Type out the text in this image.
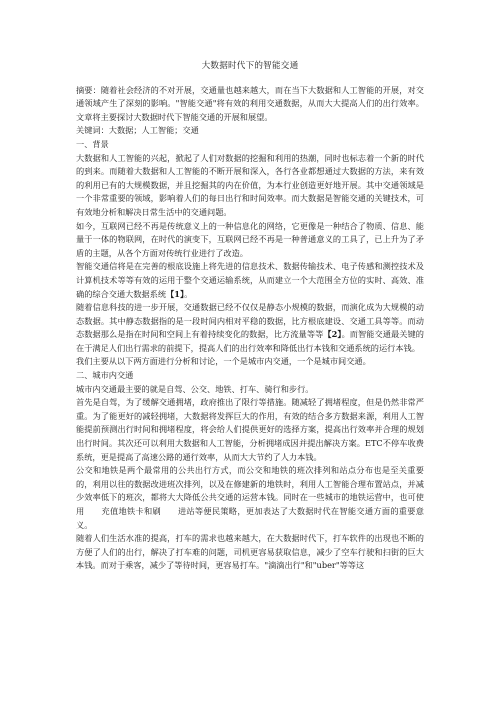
大数据时代下的智能交通

摘要：随着社会经济的不对开展，交通量也越来越大，而在当下大数据和人工智能的开展，对交通领域产生了深刻的影响。"智能交通"将有效的利用交通数据，从而大大提高人们的出行效率。文章将主要探讨大数据时代下智能交通的开展和展望。

关键词：大数据；人工智能；交通

一、背景

大数据和人工智能的兴起，掀起了人们对数据的挖掘和利用的热潮，同时也标志着一个新的时代的到来。而随着大数据和人工智能的不断开展和深入，各行各业都想通过大数据的方法，来有效的利用已有的大规模数据，并且挖掘其的内在价值，为本行业创造更好地开展。其中交通领域是一个非常重要的领域，影响着人们的每日出行和时间效率。而大数据是智能交通的关键技术，可有效地分析和解决日常生活中的交通问题。

如今，互联网已经不再是传统意义上的一种信息化的网络，它更像是一种结合了物质、信息、能量于一体的物联网，在时代的演变下，互联网已经不再是一种普通意义的工具了，已上升为了矛盾的主题，从各个方面对传统行业进行了改造。

智能交通信将是在完善的根底设施上将先进的信息技术、数据传输技术、电子传感和测控技术及计算机技术等等有效的运用于整个交通运输系统，从而建立一个大范围全方位的实时、高效、准确的综合交通大数据系统【1】。

随着信息科技的进一步开展，交通数据已经不仅仅是静态小规模的数据，而演化成为大规模的动态数据。其中静态数据指的是一段时间内相对平稳的数据，比方根底建设、交通工具等等。而动态数据那么是指在时间和空间上有着持续变化的数据，比方流量等等【2】。而智能交通最关键的在于满足人们出行需求的前提下，提高人们的出行效率和降低出行本钱和交通系统的运行本钱。

我们主要从以下两方面进行分析和讨论，一个是城市内交通，一个是城市间交通。

二、城市内交通

城市内交通最主要的就是自驾、公交、地铁、打车、骑行和步行。

首先是自驾，为了缓解交通拥堵，政府推出了限行等措施。随减轻了拥堵程度，但是仍然非常严重。为了能更好的减轻拥堵，大数据将发挥巨大的作用，有效的结合多方数据来源，利用人工智能提前预测出行时间和拥堵程度，将会给人们提供更好的选择方案，提高出行效率并合理的规划出行时间。其次还可以利用大数据和人工智能，分析拥堵成因并提出解决方案。ETC不停车收费系统，更是提高了高速公路的通行效率，从而大大节约了人力本钱。

公交和地铁是两个最常用的公共出行方式，而公交和地铁的班次排列和站点分布也是至关重要的，利用以往的数据改进班次排列，以及在修建新的地铁时，利用人工智能合理布置站点，并减少效率低下的班次，都将大大降低公共交通的运营本钱。同时在一些城市的地铁运营中，也可使用　　充值地铁卡和刷　　进站等便民策略，更加表达了大数据时代在智能交通方面的重要意义。

随着人们生活水准的提高，打车的需求也越来越大，在大数据时代下，打车软件的出现也不断的方便了人们的出行，解决了打车难的问题，司机更容易获取信息，减少了空车行驶和扫街的巨大本钱。而对于乘客，减少了等待时间，更容易打车。"滴滴出行"和"uber"等等这
